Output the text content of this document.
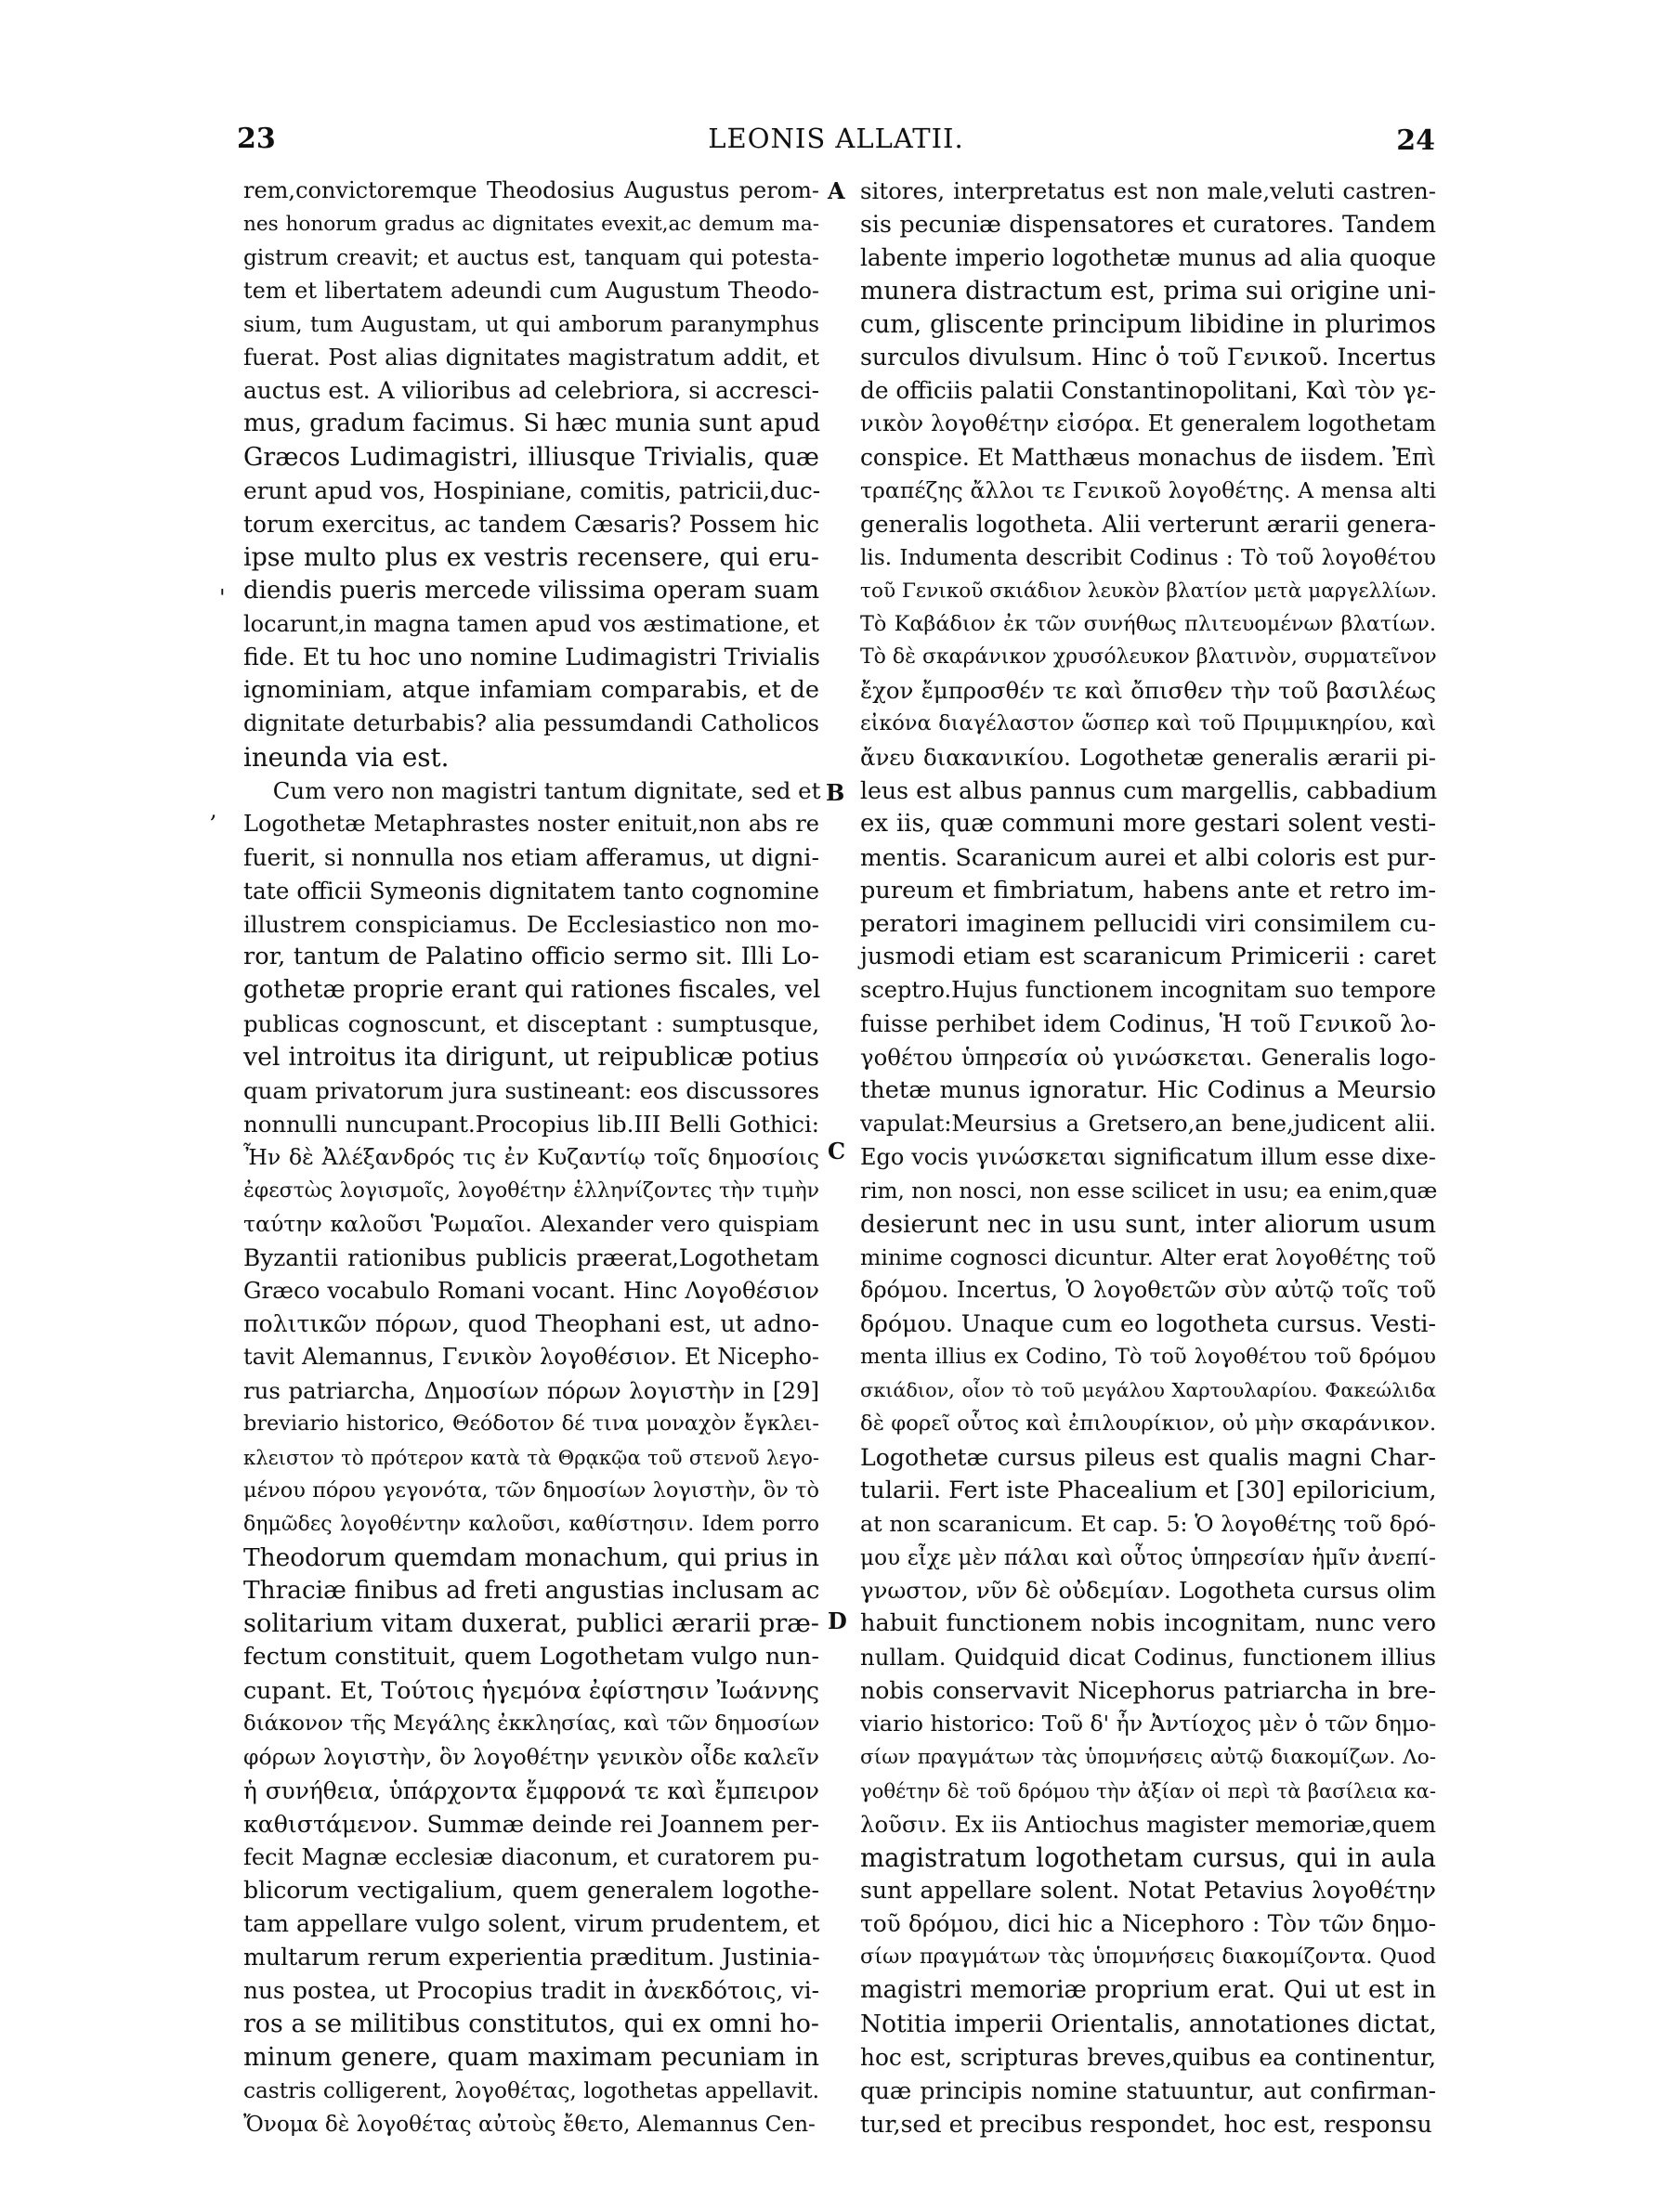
23	LEONIS ALLATII.	24
rem,convictoremque Theodosius Augustus perom-
nes honorum gradus ac dignitates evexit,ac demum ma-
gistrum creavit; et auctus est, tanquam qui potesta-
tem et libertatem adeundi cum Augustum Theodo-
sium, tum Augustam, ut qui amborum paranymphus
fuerat. Post alias dignitates magistratum addit, et
auctus est. A vilioribus ad celebriora, si accresci-
mus, gradum facimus. Si hæc munia sunt apud
Græcos Ludimagistri, illiusque Trivialis, quæ
erunt apud vos, Hospiniane, comitis, patricii,duc-
torum exercitus, ac tandem Cæsaris? Possem hic
ipse multo plus ex vestris recensere, qui eru-
diendis pueris mercede vilissima operam suam
locarunt,in magna tamen apud vos æstimatione, et
fide. Et tu hoc uno nomine Ludimagistri Trivialis
ignominiam, atque infamiam comparabis, et de
dignitate deturbabis? alia pessumdandi Catholicos
ineunda via est.
Cum vero non magistri tantum dignitate, sed et
Logothetæ Metaphrastes noster enituit,non abs re
fuerit, si nonnulla nos etiam afferamus, ut digni-
tate officii Symeonis dignitatem tanto cognomine
illustrem conspiciamus. De Ecclesiastico non mo-
ror, tantum de Palatino officio sermo sit. Illi Lo-
gothetæ proprie erant qui rationes fiscales, vel
publicas cognoscunt, et disceptant : sumptusque,
vel introitus ita dirigunt, ut reipublicæ potius
quam privatorum jura sustineant: eos discussores
nonnulli nuncupant.Procopius lib.III Belli Gothici:
Ἦν δὲ Ἀλέξανδρός τις ἐν Κυζαντίῳ τοῖς δημοσίοις
ἐφεστὼς λογισμοῖς, λογοθέτην ἑλληνίζοντες τὴν τιμὴν
ταύτην καλοῦσι Ῥωμαῖοι. Alexander vero quispiam
Byzantii rationibus publicis præerat,Logothetam
Græco vocabulo Romani vocant. Hinc Λογοθέσιον
πολιτικῶν πόρων, quod Theophani est, ut adno-
tavit Alemannus, Γενικὸν λογοθέσιον. Et Nicepho-
rus patriarcha, Δημοσίων πόρων λογιστὴν in [29]
breviario historico, Θεόδοτον δέ τινα μοναχὸν ἔγκλει-
κλειστον τὸ πρότερον κατὰ τὰ Θρᾳκῷα τοῦ στενοῦ λεγο-
μένου πόρου γεγονότα, τῶν δημοσίων λογιστὴν, ὃν τὸ
δημῶδες λογοθέντην καλοῦσι, καθίστησιν. Idem porro
Theodorum quemdam monachum, qui prius in
Thraciæ finibus ad freti angustias inclusam ac
solitarium vitam duxerat, publici ærarii præ-
fectum constituit, quem Logothetam vulgo nun-
cupant. Et, Τούτοις ἡγεμόνα ἐφίστησιν Ἰωάννης
διάκονον τῆς Μεγάλης ἐκκλησίας, καὶ τῶν δημοσίων
φόρων λογιστὴν, ὃν λογοθέτην γενικὸν οἶδε καλεῖν
ἡ συνήθεια, ὑπάρχοντα ἔμφρονά τε καὶ ἔμπειρον
καθιστάμενον. Summæ deinde rei Joannem per-
fecit Magnæ ecclesiæ diaconum, et curatorem pu-
blicorum vectigalium, quem generalem logothe-
tam appellare vulgo solent, virum prudentem, et
multarum rerum experientia præditum. Justinia-
nus postea, ut Procopius tradit in ἀνεκδότοις, vi-
ros a se militibus constitutos, qui ex omni ho-
minum genere, quam maximam pecuniam in
castris colligerent, λογοθέτας, logothetas appellavit.
Ὄνομα δὲ λογοθέτας αὐτοὺς ἔθετο, Alemannus Cen-
sitores, interpretatus est non male,veluti castren-
sis pecuniæ dispensatores et curatores. Tandem
labente imperio logothetæ munus ad alia quoque
munera distractum est, prima sui origine uni-
cum, gliscente principum libidine in plurimos
surculos divulsum. Hinc ὁ τοῦ Γενικοῦ. Incertus
de officiis palatii Constantinopolitani, Καὶ τὸν γε-
νικὸν λογοθέτην εἰσόρα. Et generalem logothetam
conspice. Et Matthæus monachus de iisdem. Ἐπὶ
τραπέζης ἄλλοι τε Γενικοῦ λογοθέτης. A mensa alti
generalis logotheta. Alii verterunt ærarii genera-
lis. Indumenta describit Codinus : Τὸ τοῦ λογοθέτου
τοῦ Γενικοῦ σκιάδιον λευκὸν βλατίον μετὰ μαργελλίων.
Τὸ Καβάδιον ἐκ τῶν συνήθως πλιτευομένων βλατίων.
Τὸ δὲ σκαράνικον χρυσόλευκον βλατινὸν, συρματεῖνον
ἔχον ἔμπροσθέν τε καὶ ὄπισθεν τὴν τοῦ βασιλέως
εἰκόνα διαγέλαστον ὥσπερ καὶ τοῦ Πριμμικηρίου, καὶ
ἄνευ διακανικίου. Logothetæ generalis ærarii pi-
leus est albus pannus cum margellis, cabbadium
ex iis, quæ communi more gestari solent vesti-
mentis. Scaranicum aurei et albi coloris est pur-
pureum et fimbriatum, habens ante et retro im-
peratori imaginem pellucidi viri consimilem cu-
jusmodi etiam est scaranicum Primicerii : caret
sceptro.Hujus functionem incognitam suo tempore
fuisse perhibet idem Codinus, Ἡ τοῦ Γενικοῦ λο-
γοθέτου ὑπηρεσία οὐ γινώσκεται. Generalis logo-
thetæ munus ignoratur. Hic Codinus a Meursio
vapulat:Meursius a Gretsero,an bene,judicent alii.
Ego vocis γινώσκεται significatum illum esse dixe-
rim, non nosci, non esse scilicet in usu; ea enim,quæ
desierunt nec in usu sunt, inter aliorum usum
minime cognosci dicuntur. Alter erat λογοθέτης τοῦ
δρόμου. Incertus, Ὁ λογοθετῶν σὺν αὐτῷ τοῖς τοῦ
δρόμου. Unaque cum eo logotheta cursus. Vesti-
menta illius ex Codino, Τὸ τοῦ λογοθέτου τοῦ δρόμου
σκιάδιον, οἷον τὸ τοῦ μεγάλου Χαρτουλαρίου. Φακεώλιδα
δὲ φορεῖ οὗτος καὶ ἐπιλουρίκιον, οὐ μὴν σκαράνικον.
Logothetæ cursus pileus est qualis magni Char-
tularii. Fert iste Phacealium et [30] epiloricium,
at non scaranicum. Et cap. 5: Ὁ λογοθέτης τοῦ δρό-
μου εἶχε μὲν πάλαι καὶ οὗτος ὑπηρεσίαν ἡμῖν ἀνεπί-
γνωστον, νῦν δὲ οὐδεμίαν. Logotheta cursus olim
habuit functionem nobis incognitam, nunc vero
nullam. Quidquid dicat Codinus, functionem illius
nobis conservavit Nicephorus patriarcha in bre-
viario historico: Τοῦ δ' ἦν Ἀντίοχος μὲν ὁ τῶν δημο-
σίων πραγμάτων τὰς ὑπομνήσεις αὐτῷ διακομίζων. Λο-
γοθέτην δὲ τοῦ δρόμου τὴν ἀξίαν οἱ περὶ τὰ βασίλεια κα-
λοῦσιν. Ex iis Antiochus magister memoriæ,quem
magistratum logothetam cursus, qui in aula
sunt appellare solent. Notat Petavius λογοθέτην
τοῦ δρόμου, dici hic a Nicephoro : Τὸν τῶν δημο-
σίων πραγμάτων τὰς ὑπομνήσεις διακομίζοντα. Quod
magistri memoriæ proprium erat. Qui ut est in
Notitia imperii Orientalis, annotationes dictat,
hoc est, scripturas breves,quibus ea continentur,
quæ principis nomine statuuntur, aut confirman-
tur,sed et precibus respondet, hoc est, responsu
A
B
C
D
'
,
